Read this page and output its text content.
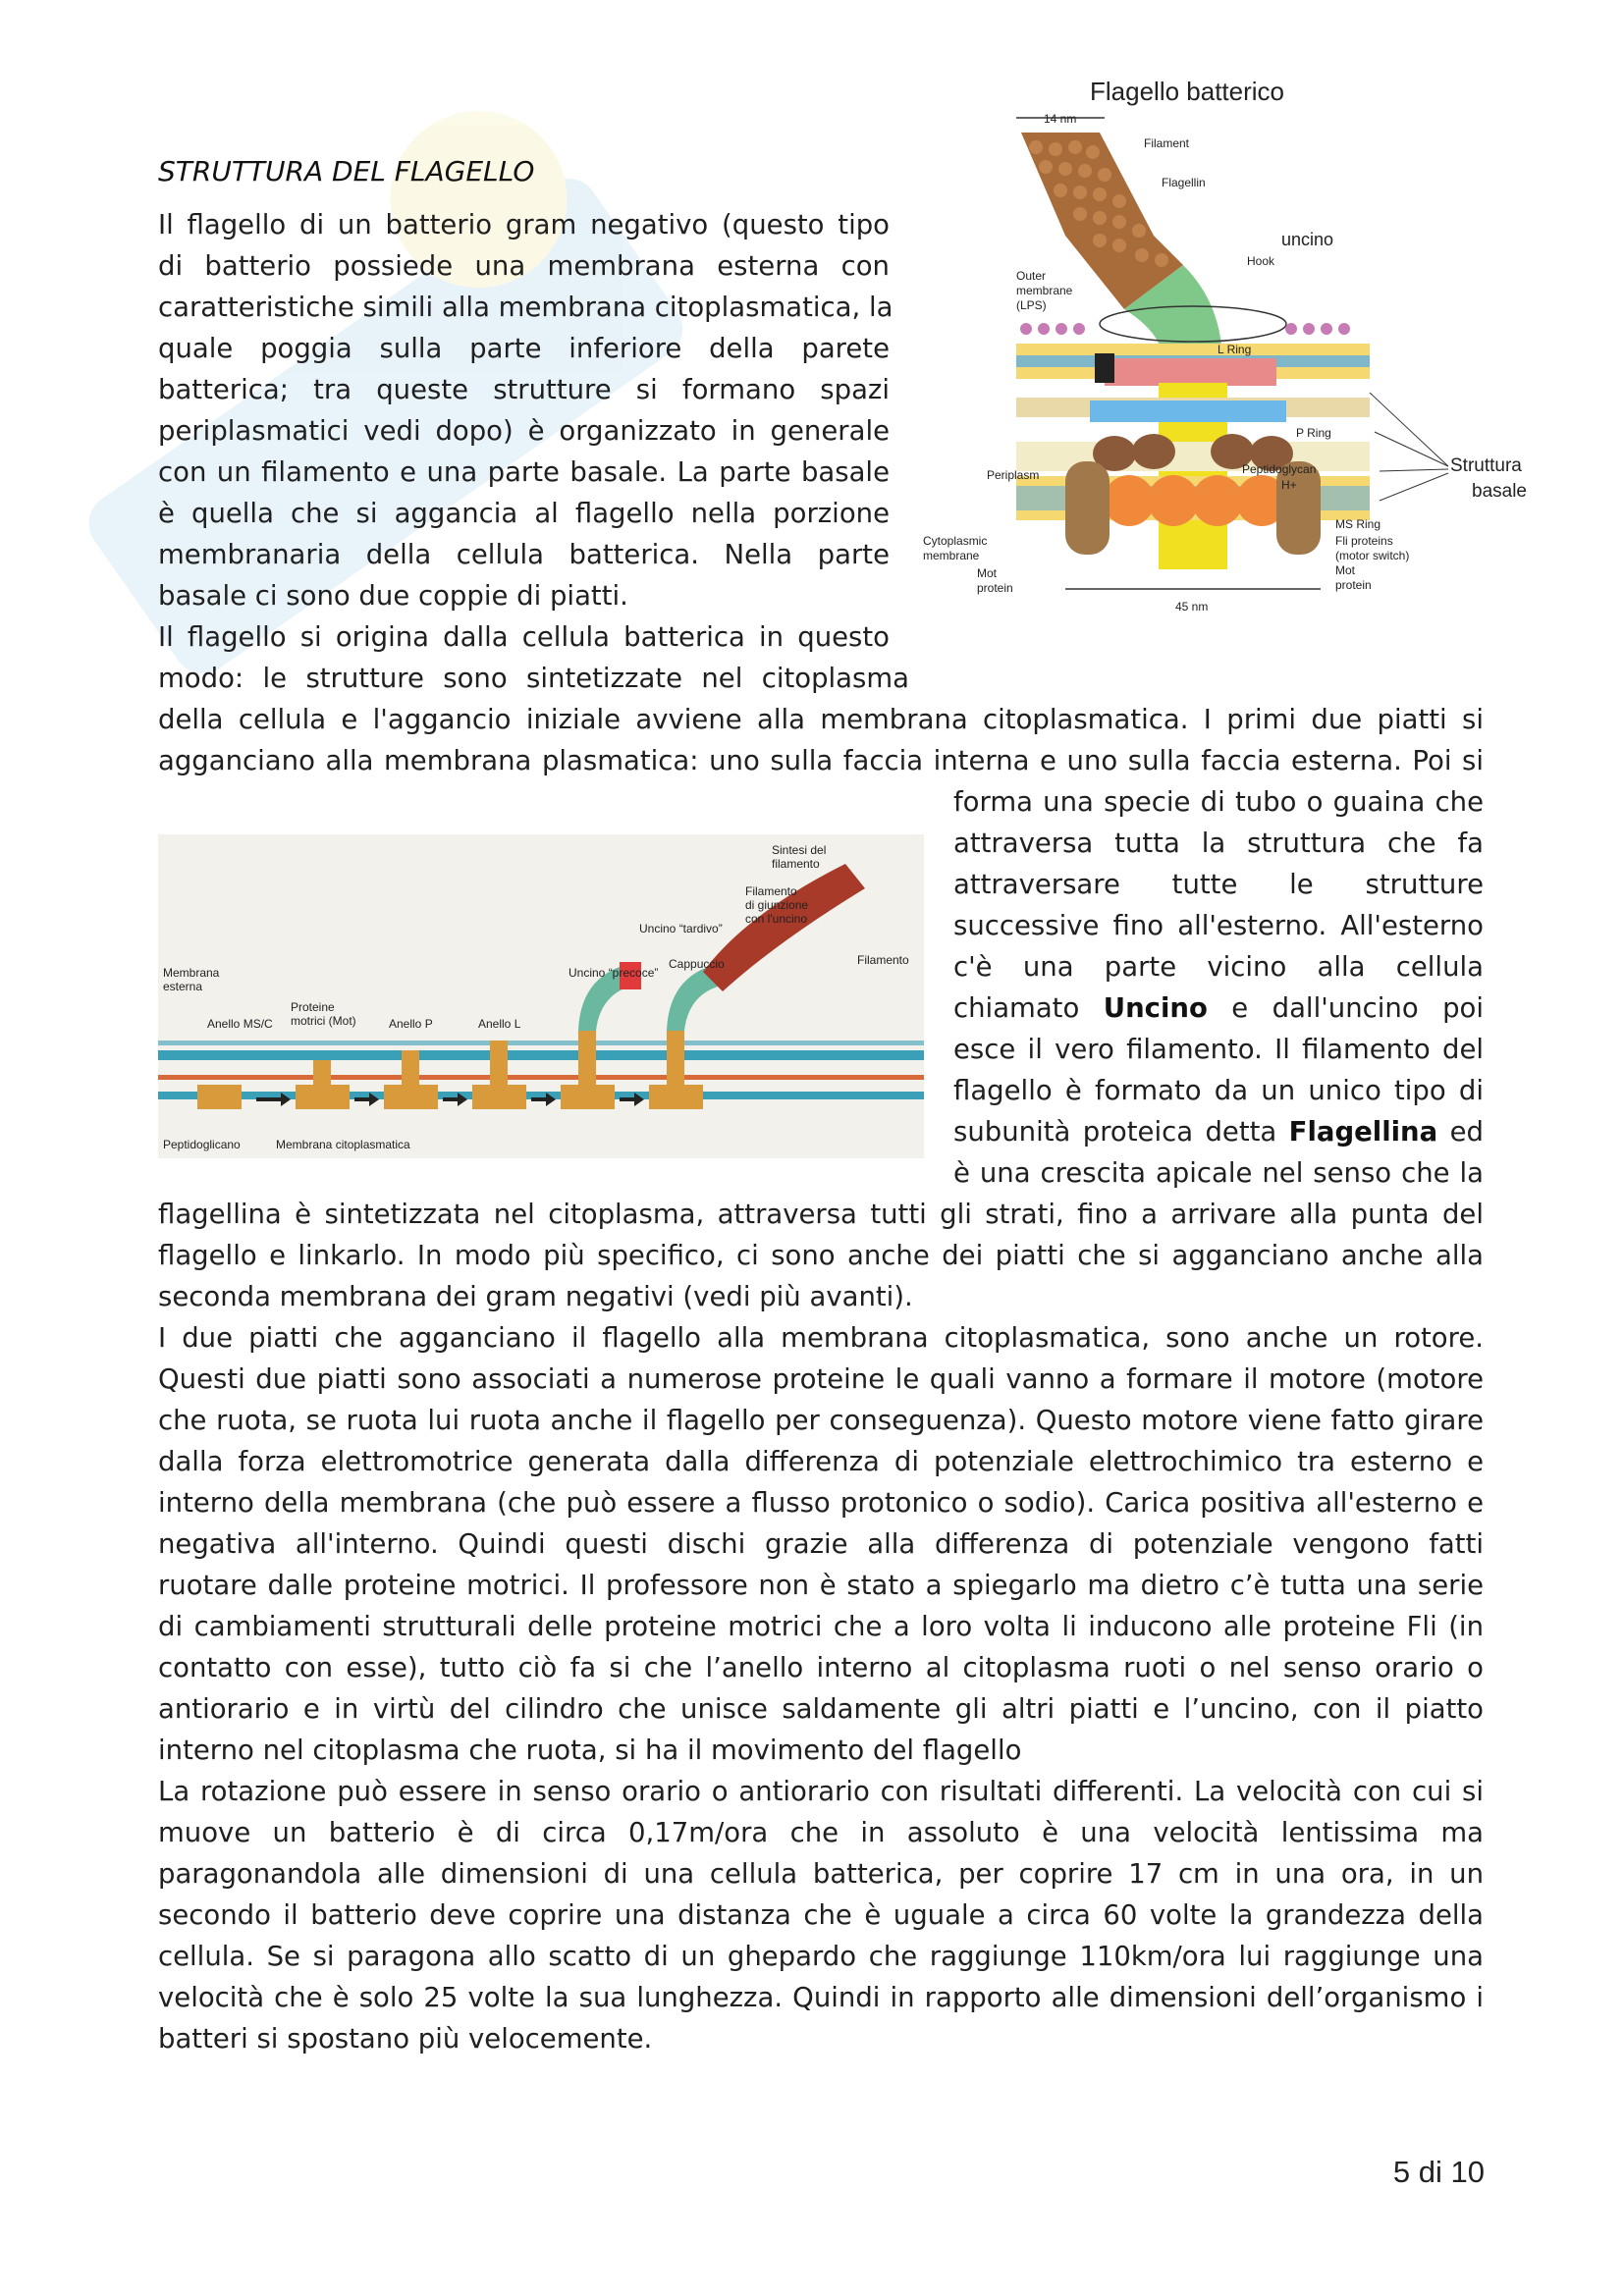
STRUTTURA DEL FLAGELLO
Il flagello di un batterio gram negativo (questo tipo
di batterio possiede una membrana esterna con
caratteristiche simili alla membrana citoplasmatica, la
quale poggia sulla parte inferiore della parete
batterica; tra queste strutture si formano spazi
periplasmatici vedi dopo) è organizzato in generale
con un filamento e una parte basale. La parte basale
è quella che si aggancia al flagello nella porzione
membranaria della cellula batterica. Nella parte
basale ci sono due coppie di piatti.
Il flagello si origina dalla cellula batterica in questo
modo: le strutture sono sintetizzate nel citoplasma
della cellula e l'aggancio iniziale avviene alla membrana citoplasmatica. I primi due piatti si
agganciano alla membrana plasmatica: uno sulla faccia interna e uno sulla faccia esterna. Poi si
forma una specie di tubo o guaina che
attraversa tutta la struttura che fa
attraversare tutte le strutture
successive fino all'esterno. All'esterno
c'è una parte vicino alla cellula
chiamato Uncino e dall'uncino poi
esce il vero filamento. Il filamento del
flagello è formato da un unico tipo di
subunità proteica detta Flagellina ed
è una crescita apicale nel senso che la
flagellina è sintetizzata nel citoplasma, attraversa tutti gli strati, fino a arrivare alla punta del
flagello e linkarlo. In modo più specifico, ci sono anche dei piatti che si agganciano anche alla
seconda membrana dei gram negativi (vedi più avanti).
I due piatti che agganciano il flagello alla membrana citoplasmatica, sono anche un rotore.
Questi due piatti sono associati a numerose proteine le quali vanno a formare il motore (motore
che ruota, se ruota lui ruota anche il flagello per conseguenza). Questo motore viene fatto girare
dalla forza elettromotrice generata dalla differenza di potenziale elettrochimico tra esterno e
interno della membrana (che può essere a flusso protonico o sodio). Carica positiva all'esterno e
negativa all'interno. Quindi questi dischi grazie alla differenza di potenziale vengono fatti
ruotare dalle proteine motrici. Il professore non è stato a spiegarlo ma dietro c’è tutta una serie
di cambiamenti strutturali delle proteine motrici che a loro volta li inducono alle proteine Fli (in
contatto con esse), tutto ciò fa si che l’anello interno al citoplasma ruoti o nel senso orario o
antiorario e in virtù del cilindro che unisce saldamente gli altri piatti e l’uncino, con il piatto
interno nel citoplasma che ruota, si ha il movimento del flagello
La rotazione può essere in senso orario o antiorario con risultati differenti. La velocità con cui si
muove un batterio è di circa 0,17m/ora che in assoluto è una velocità lentissima ma
paragonandola alle dimensioni di una cellula batterica, per coprire 17 cm in una ora, in un
secondo il batterio deve coprire una distanza che è uguale a circa 60 volte la grandezza della
cellula. Se si paragona allo scatto di un ghepardo che raggiunge 110km/ora lui raggiunge una
velocità che è solo 25 volte la sua lunghezza. Quindi in rapporto alle dimensioni dell’organismo i
batteri si spostano più velocemente.
Flagello batterico
14 nm
45 nm
Filament
Flagellin
uncino
Hook
Outer
membrane
(LPS)
L Ring
P Ring
Periplasm	Peptidoglycan
H+
Struttura
basale
MS Ring
Fli proteins
(motor switch)
Mot
protein
Cytoplasmic
membrane
Mot
protein
Sintesi del
filamento
Filamento
di giunzione
con l'uncino
Uncino “tardivo”
Uncino “precoce”
Cappuccio	Filamento
Membrana
esterna
Anello MS/C
Proteine
motrici (Mot)	Anello P	Anello L
Peptidoglicano	Membrana citoplasmatica

5 di 10
